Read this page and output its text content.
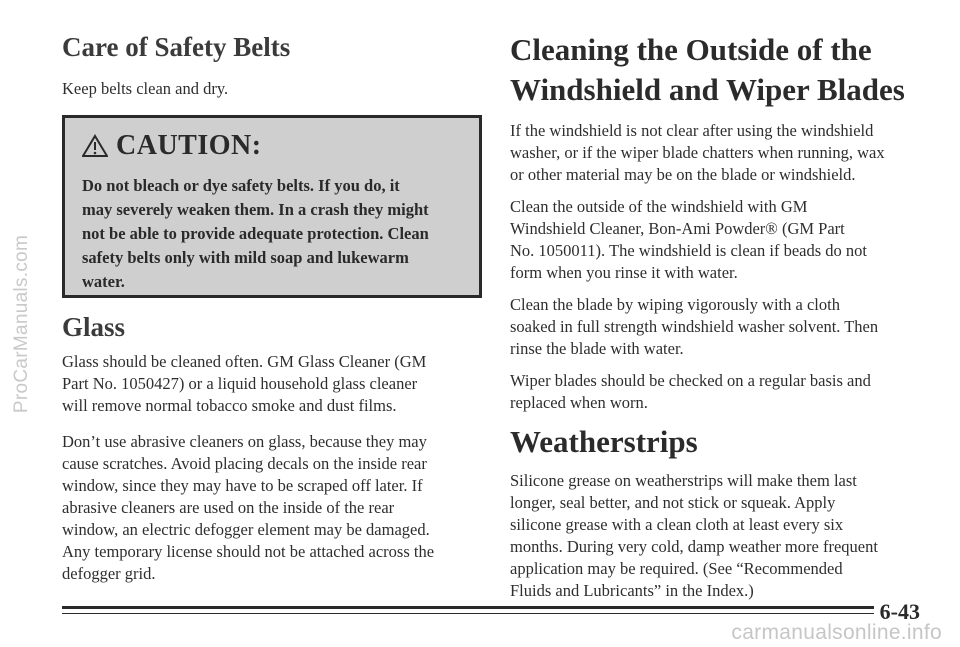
ProCarManuals.com
Care of Safety Belts

Keep belts clean and dry.

CAUTION:
Do not bleach or dye safety belts. If you do, it
may severely weaken them. In a crash they might
not be able to provide adequate protection. Clean
safety belts only with mild soap and lukewarm
water.
Glass

Glass should be cleaned often. GM Glass Cleaner (GM
Part No. 1050427) or a liquid household glass cleaner
will remove normal tobacco smoke and dust films.

Don’t use abrasive cleaners on glass, because they may
cause scratches. Avoid placing decals on the inside rear
window, since they may have to be scraped off later. If
abrasive cleaners are used on the inside of the rear
window, an electric defogger element may be damaged.
Any temporary license should not be attached across the
defogger grid.

Cleaning the Outside of the
Windshield and Wiper Blades

If the windshield is not clear after using the windshield
washer, or if the wiper blade chatters when running, wax
or other material may be on the blade or windshield.

Clean the outside of the windshield with GM
Windshield Cleaner, Bon-Ami Powder® (GM Part
No. 1050011). The windshield is clean if beads do not
form when you rinse it with water.

Clean the blade by wiping vigorously with a cloth
soaked in full strength windshield washer solvent. Then
rinse the blade with water.

Wiper blades should be checked on a regular basis and
replaced when worn.

Weatherstrips

Silicone grease on weatherstrips will make them last
longer, seal better, and not stick or squeak. Apply
silicone grease with a clean cloth at least every six
months. During very cold, damp weather more frequent
application may be required. (See “Recommended
Fluids and Lubricants” in the Index.)

6-43
carmanualsonline.info
